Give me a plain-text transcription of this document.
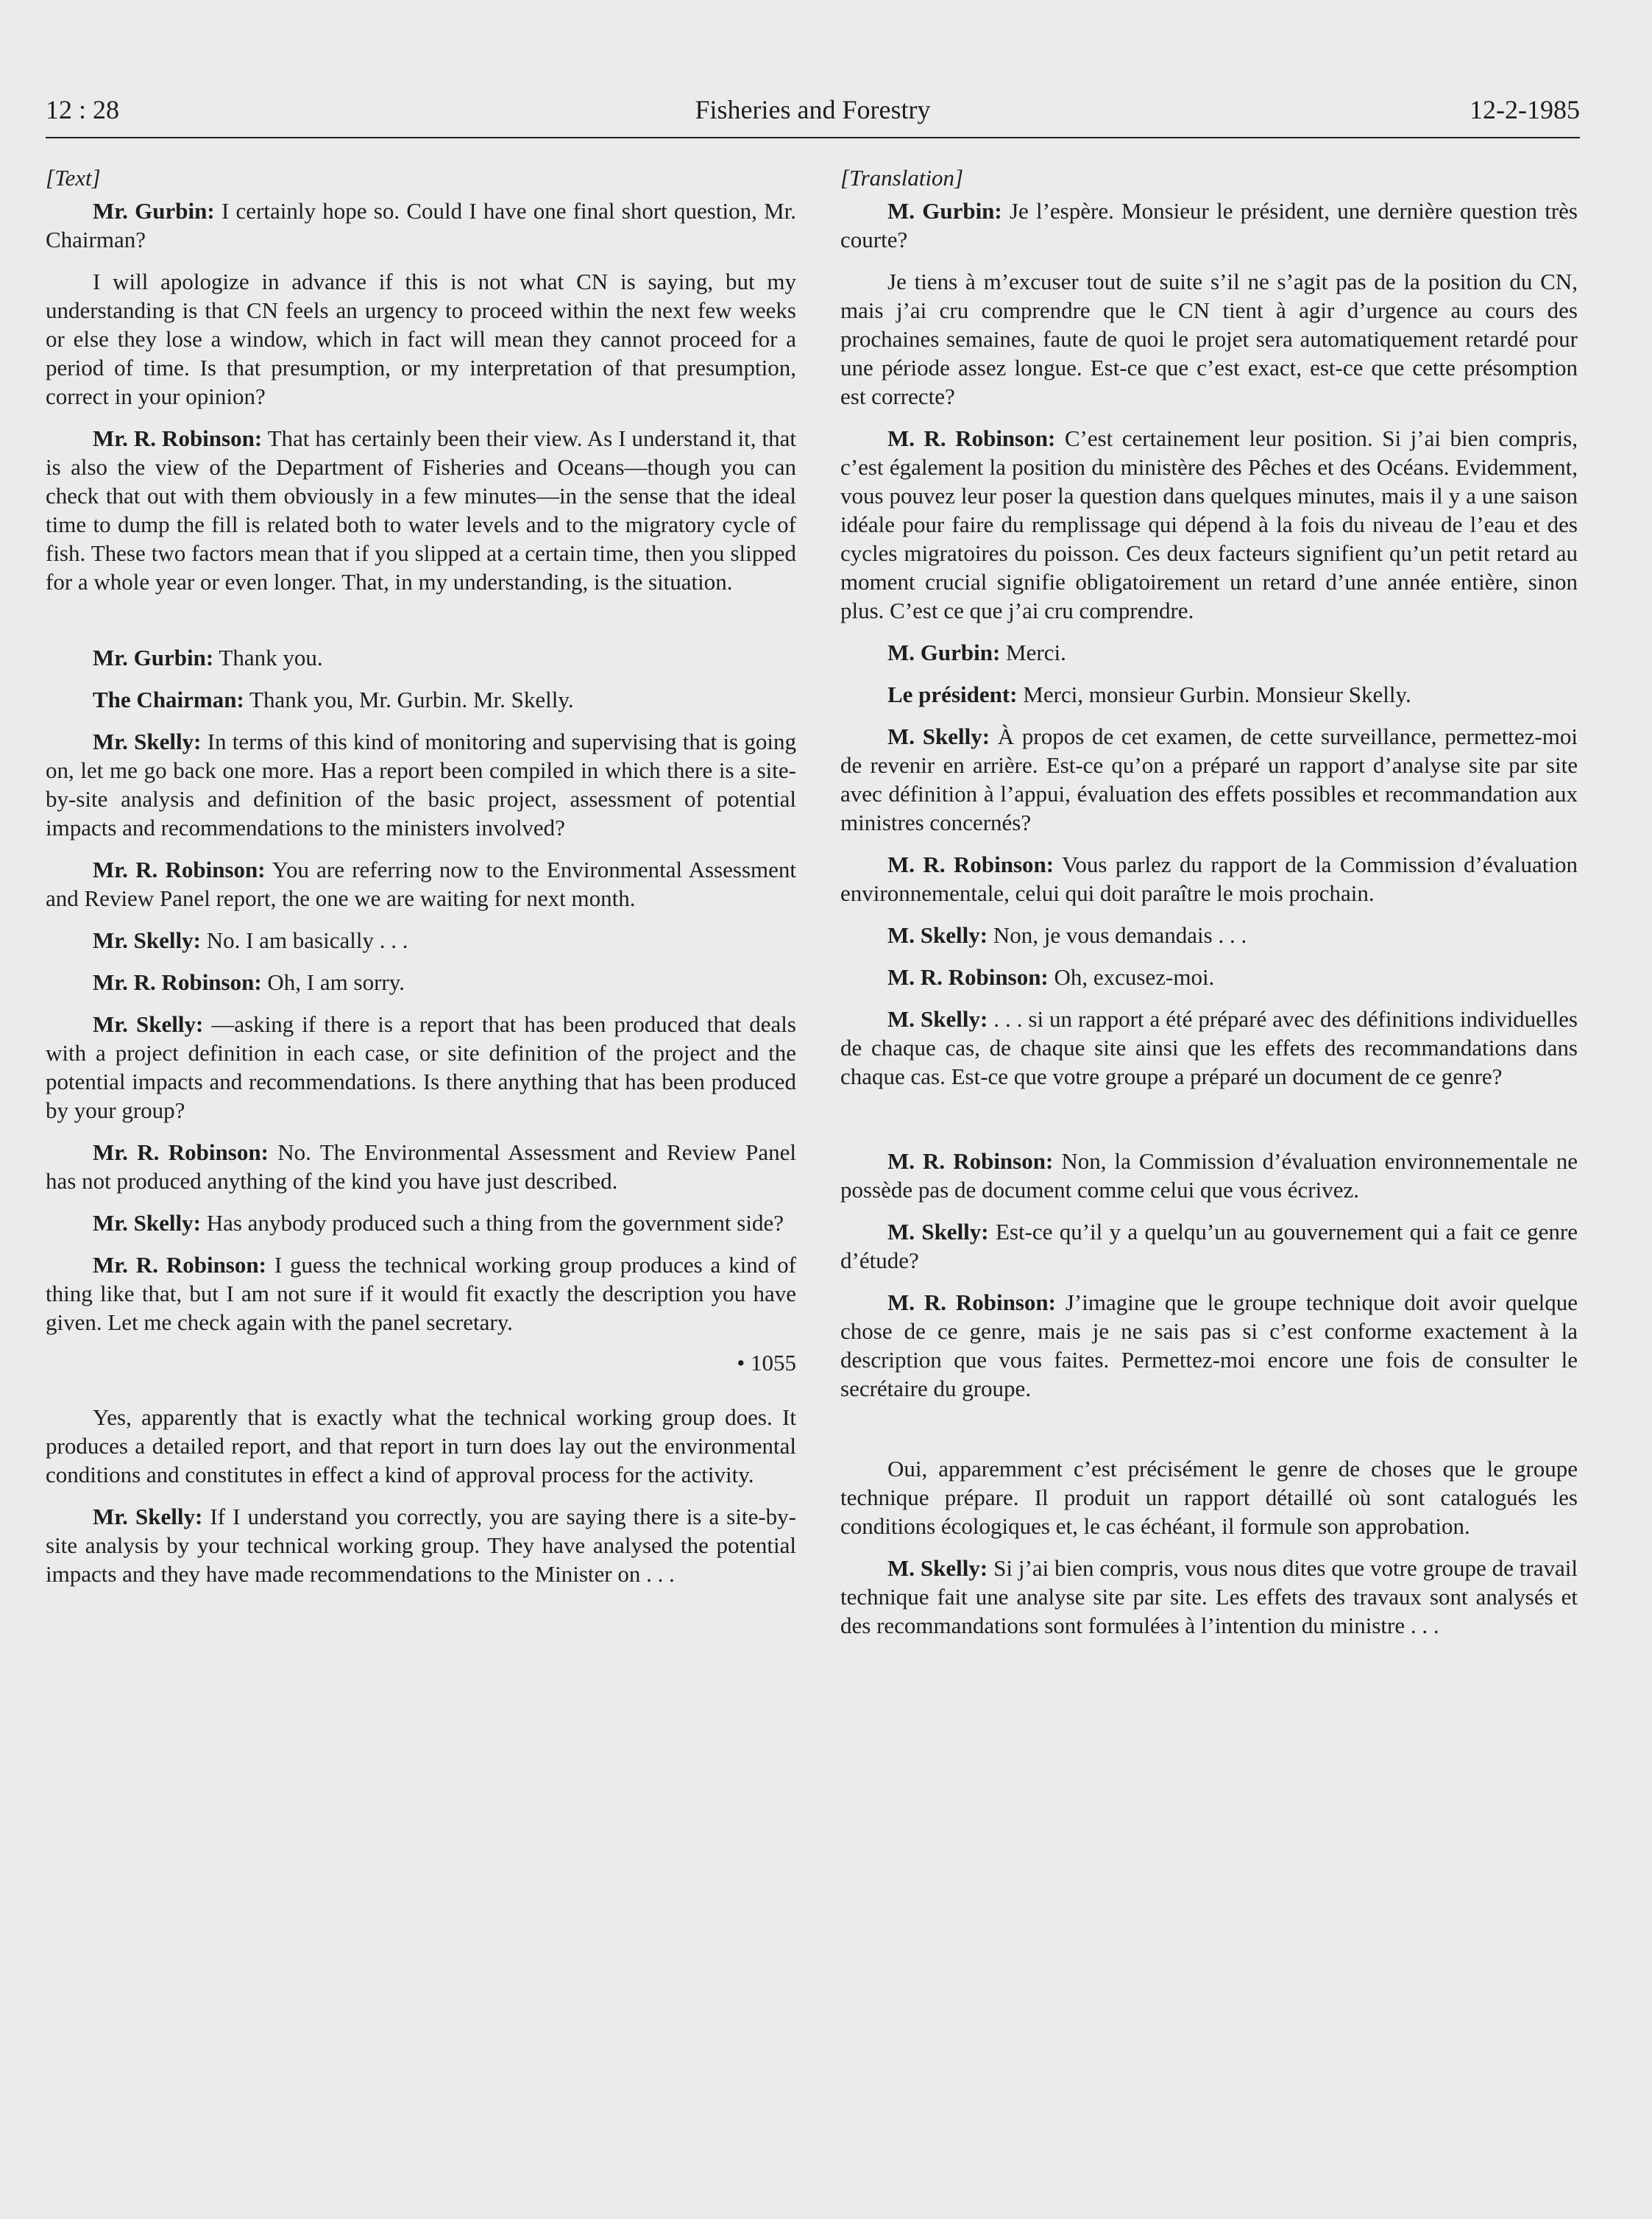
12 : 28	Fisheries and Forestry	12-2-1985

[Text]

Mr. Gurbin: I certainly hope so. Could I have one final short question, Mr. Chairman?

I will apologize in advance if this is not what CN is saying, but my understanding is that CN feels an urgency to proceed within the next few weeks or else they lose a window, which in fact will mean they cannot proceed for a period of time. Is that presumption, or my interpretation of that presumption, correct in your opinion?

Mr. R. Robinson: That has certainly been their view. As I understand it, that is also the view of the Department of Fisheries and Oceans—though you can check that out with them obviously in a few minutes—in the sense that the ideal time to dump the fill is related both to water levels and to the migratory cycle of fish. These two factors mean that if you slipped at a certain time, then you slipped for a whole year or even longer. That, in my understanding, is the situation.

Mr. Gurbin: Thank you.

The Chairman: Thank you, Mr. Gurbin. Mr. Skelly.

Mr. Skelly: In terms of this kind of monitoring and supervising that is going on, let me go back one more. Has a report been compiled in which there is a site-by-site analysis and definition of the basic project, assessment of potential impacts and recommendations to the ministers involved?

Mr. R. Robinson: You are referring now to the Environmental Assessment and Review Panel report, the one we are waiting for next month.

Mr. Skelly: No. I am basically . . .

Mr. R. Robinson: Oh, I am sorry.

Mr. Skelly: —asking if there is a report that has been produced that deals with a project definition in each case, or site definition of the project and the potential impacts and recommendations. Is there anything that has been produced by your group?

Mr. R. Robinson: No. The Environmental Assessment and Review Panel has not produced anything of the kind you have just described.

Mr. Skelly: Has anybody produced such a thing from the government side?

Mr. R. Robinson: I guess the technical working group produces a kind of thing like that, but I am not sure if it would fit exactly the description you have given. Let me check again with the panel secretary.

• 1055

Yes, apparently that is exactly what the technical working group does. It produces a detailed report, and that report in turn does lay out the environmental conditions and constitutes in effect a kind of approval process for the activity.

Mr. Skelly: If I understand you correctly, you are saying there is a site-by-site analysis by your technical working group. They have analysed the potential impacts and they have made recommendations to the Minister on . . .

[Translation]

M. Gurbin: Je l’espère. Monsieur le président, une dernière question très courte?

Je tiens à m’excuser tout de suite s’il ne s’agit pas de la position du CN, mais j’ai cru comprendre que le CN tient à agir d’urgence au cours des prochaines semaines, faute de quoi le projet sera automatiquement retardé pour une période assez longue. Est-ce que c’est exact, est-ce que cette présomption est correcte?

M. R. Robinson: C’est certainement leur position. Si j’ai bien compris, c’est également la position du ministère des Pêches et des Océans. Evidemment, vous pouvez leur poser la question dans quelques minutes, mais il y a une saison idéale pour faire du remplissage qui dépend à la fois du niveau de l’eau et des cycles migratoires du poisson. Ces deux facteurs signifient qu’un petit retard au moment crucial signifie obligatoirement un retard d’une année entière, sinon plus. C’est ce que j’ai cru comprendre.

M. Gurbin: Merci.

Le président: Merci, monsieur Gurbin. Monsieur Skelly.

M. Skelly: À propos de cet examen, de cette surveillance, permettez-moi de revenir en arrière. Est-ce qu’on a préparé un rapport d’analyse site par site avec définition à l’appui, évaluation des effets possibles et recommandation aux ministres concernés?

M. R. Robinson: Vous parlez du rapport de la Commission d’évaluation environnementale, celui qui doit paraître le mois prochain.

M. Skelly: Non, je vous demandais . . .

M. R. Robinson: Oh, excusez-moi.

M. Skelly: . . . si un rapport a été préparé avec des définitions individuelles de chaque cas, de chaque site ainsi que les effets des recommandations dans chaque cas. Est-ce que votre groupe a préparé un document de ce genre?

M. R. Robinson: Non, la Commission d’évaluation environnementale ne possède pas de document comme celui que vous écrivez.

M. Skelly: Est-ce qu’il y a quelqu’un au gouvernement qui a fait ce genre d’étude?

M. R. Robinson: J’imagine que le groupe technique doit avoir quelque chose de ce genre, mais je ne sais pas si c’est conforme exactement à la description que vous faites. Permettez-moi encore une fois de consulter le secrétaire du groupe.

Oui, apparemment c’est précisément le genre de choses que le groupe technique prépare. Il produit un rapport détaillé où sont catalogués les conditions écologiques et, le cas échéant, il formule son approbation.

M. Skelly: Si j’ai bien compris, vous nous dites que votre groupe de travail technique fait une analyse site par site. Les effets des travaux sont analysés et des recommandations sont formulées à l’intention du ministre . . .
